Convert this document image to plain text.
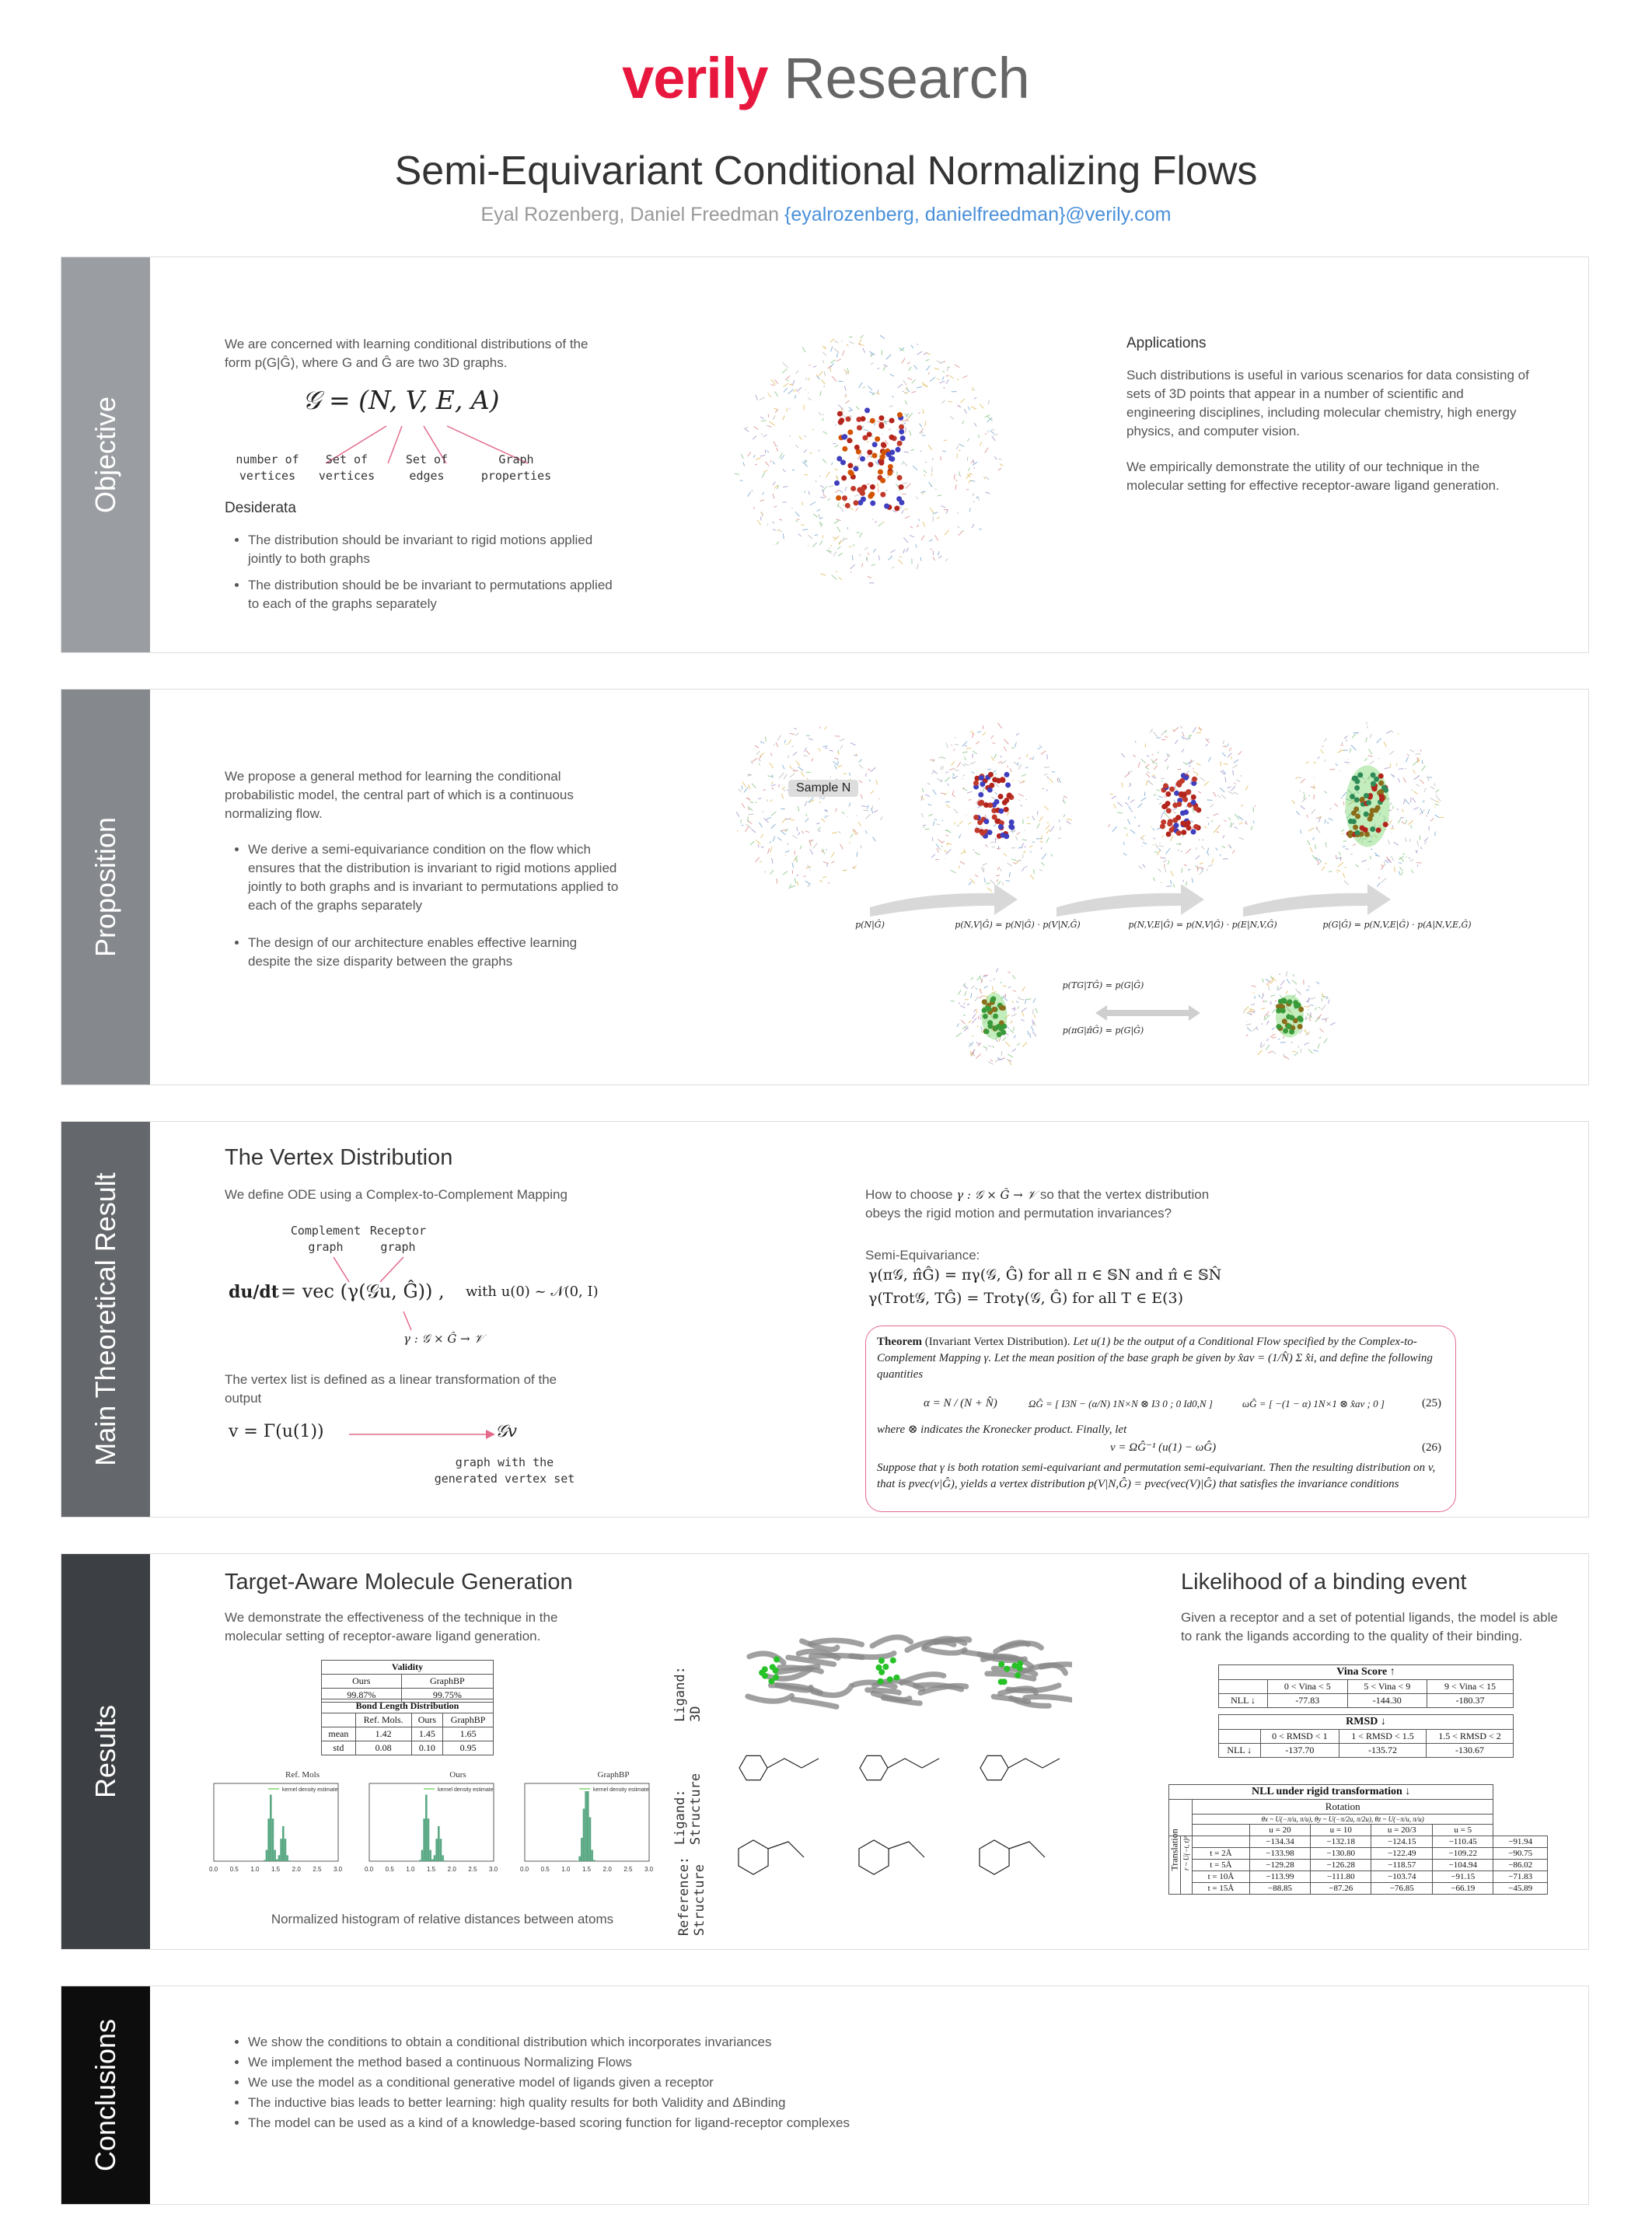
verily Research
Semi-Equivariant Conditional Normalizing Flows
Eyal Rozenberg, Daniel Freedman {eyalrozenberg, danielfreedman}@verily.com
Objective
We are concerned with learning conditional distributions of the form p(G|Ĝ), where G and Ĝ are two 3D graphs.
𝒢 = (N, V, E, A)
number of
vertices
Set of
vertices
Set of
edges
Graph
properties
Desiderata
• The distribution should be invariant to rigid motions applied jointly to both graphs
• The distribution should be be invariant to permutations applied to each of the graphs separately
Applications
Such distributions is useful in various scenarios for data consisting of sets of 3D points that appear in a number of scientific and engineering disciplines, including molecular chemistry, high energy physics, and computer vision.
We empirically demonstrate the utility of our technique in the molecular setting for effective receptor-aware ligand generation.
Proposition
We propose a general method for learning the conditional probabilistic model, the central part of which is a continuous normalizing flow.
• We derive a semi-equivariance condition on the flow which ensures that the distribution is invariant to rigid motions applied jointly to both graphs and is invariant to permutations applied to each of the graphs separately
• The design of our architecture enables effective learning despite the size disparity between the graphs
Sample N
p(N|Ĝ)	p(N,V|Ĝ) = p(N|Ĝ) · p(V|N,Ĝ)	p(N,V,E|Ĝ) = p(N,V|Ĝ) · p(E|N,V,Ĝ)	p(G|Ĝ) = p(N,V,E|Ĝ) · p(A|N,V,E,Ĝ)
p(TG|TĜ) = p(G|Ĝ)
p(πG|π̂Ĝ) = p(G|Ĝ)
Main Theoretical Result
The Vertex Distribution
We define ODE using a Complex-to-Complement Mapping
Complement
graph
Receptor
graph
du/dt = vec (γ(𝒢u, Ĝ)) , with u(0) ~ 𝒩(0, I)
γ : 𝒢 × Ĝ → 𝒱
The vertex list is defined as a linear transformation of the output
v = Γ(u(1))	𝒢v
graph with the
generated vertex set
How to choose γ : 𝒢 × Ĝ → 𝒱 so that the vertex distribution
obeys the rigid motion and permutation invariances?
Semi-Equivariance:
γ(π𝒢, π̂Ĝ) = πγ(𝒢, Ĝ) for all π ∈ 𝕊N and π̂ ∈ 𝕊N̂
γ(Trot𝒢, TĜ) = Trotγ(𝒢, Ĝ) for all T ∈ E(3)
Theorem (Invariant Vertex Distribution). Let u(1) be the output of a Conditional Flow specified by the Complex-to-Complement Mapping γ. Let the mean position of the base graph be given by x̂av = (1/N̂) Σ x̂i, and define the following quantities
α = N / (N + N̂)	ΩĜ = [ I3N − (α/N) 1N×N ⊗ I3 0 ; 0 Id0,N ]	ωĜ = [ −(1 − α) 1N×1 ⊗ x̂av ; 0 ]	(25)
where ⊗ indicates the Kronecker product. Finally, let
v = ΩĜ⁻¹ (u(1) − ωĜ)	(26)
Suppose that γ is both rotation semi-equivariant and permutation semi-equivariant. Then the resulting distribution on v, that is pvec(v|Ĝ), yields a vertex distribution p(V|N,Ĝ) = pvec(vec(V)|Ĝ) that satisfies the invariance conditions
Results
Target-Aware Molecule Generation
We demonstrate the effectiveness of the technique in the molecular setting of receptor-aware ligand generation.
Validity	
Ours	GraphBP
99.87%	99.75%
Bond Length Distribution			
	Ref. Mols.	Ours	GraphBP
mean	1.42	1.45	1.65
std	0.08	0.10	0.95
Ref. Mols	Ours	GraphBP
kernel density estimate
0.0 0.5 1.0 1.5 2.0 2.5 3.0
kernel density estimate
0.0 0.5 1.0 1.5 2.0 2.5 3.0
kernel density estimate
0.0 0.5 1.0 1.5 2.0 2.5 3.0
Normalized histogram of relative distances between atoms
Ligand:
3D
Ligand:
Structure
Reference:
Structure
Likelihood of a binding event
Given a receptor and a set of potential ligands, the model is able to rank the ligands according to the quality of their binding.
Vina Score ↑			
	0 < Vina < 5	5 < Vina < 9	9 < Vina < 15
NLL ↓	-77.83	-144.30	-180.37
RMSD ↓			
	0 < RMSD < 1	1 < RMSD < 1.5	1.5 < RMSD < 2
NLL ↓	-137.70	-135.72	-130.67
NLL under rigid transformation ↓							
		Rotation					
		θx ~ U(−π/u, π/u), θy ~ U(−π/2u, π/2u), θz ~ U(−π/u, π/u)					
			u = 20	u = 10	u = 20/3	u = 5	

Translation	r ~ U(−t, t)³		−134.34	−132.18	−124.15	−110.45	−91.94
		t = 2Å	−133.98	−130.80	−122.49	−109.22	−90.75
		t = 5Å	−129.28	−126.28	−118.57	−104.94	−86.02
		t = 10Å	−113.99	−111.80	−103.74	−91.15	−71.83
		t = 15Å	−88.85	−87.26	−76.85	−66.19	−45.89
Conclusions	• We show the conditions to obtain a conditional distribution which incorporates invariances
• We implement the method based a continuous Normalizing Flows
• We use the model as a conditional generative model of ligands given a receptor
• The inductive bias leads to better learning: high quality results for both Validity and ΔBinding
• The model can be used as a kind of a knowledge-based scoring function for ligand-receptor complexes
